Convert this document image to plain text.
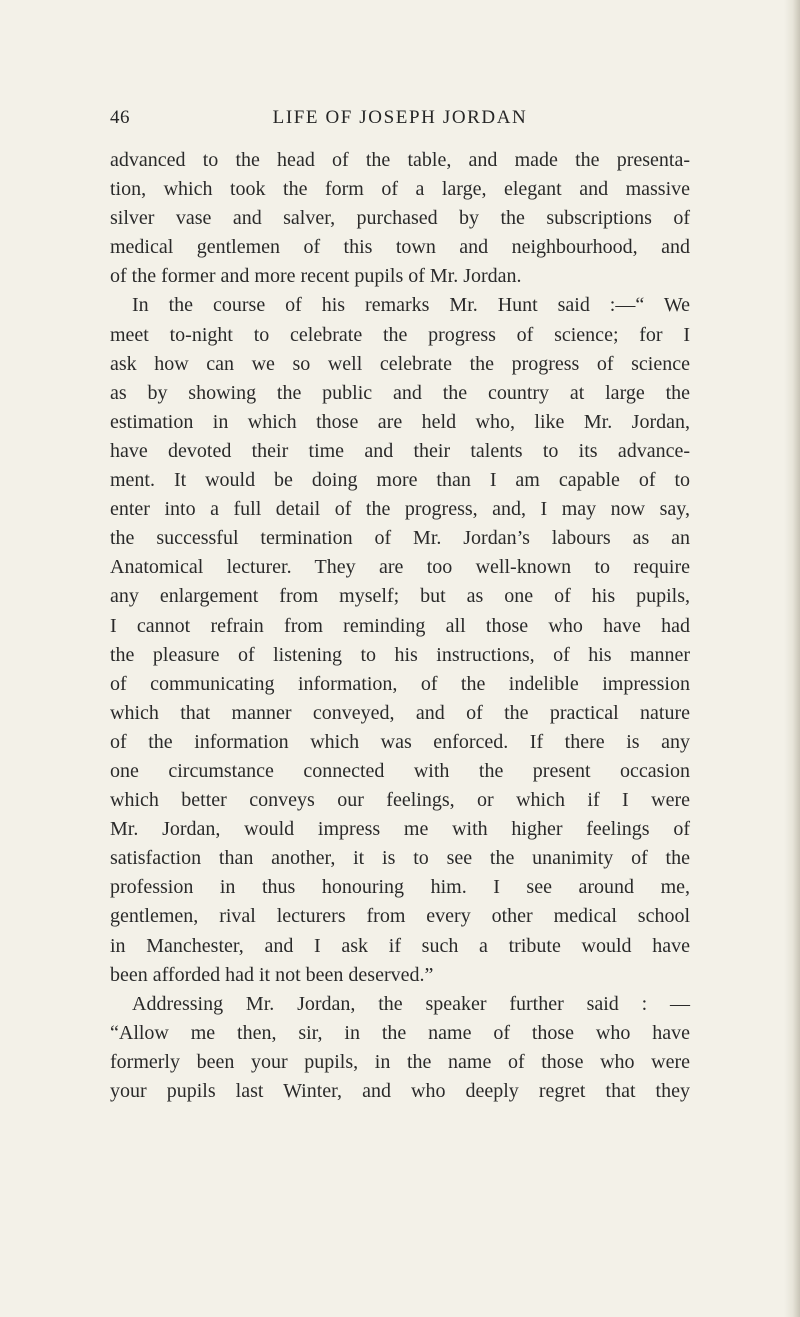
46	LIFE OF JOSEPH JORDAN
advanced to the head of the table, and made the presenta-
tion, which took the form of a large, elegant and massive
silver vase and salver, purchased by the subscriptions of
medical gentlemen of this town and neighbourhood, and
of the former and more recent pupils of Mr. Jordan.
In the course of his remarks Mr. Hunt said :—“ We
meet to-night to celebrate the progress of science; for I
ask how can we so well celebrate the progress of science
as by showing the public and the country at large the
estimation in which those are held who, like Mr. Jordan,
have devoted their time and their talents to its advance-
ment. It would be doing more than I am capable of to
enter into a full detail of the progress, and, I may now say,
the successful termination of Mr. Jordan’s labours as an
Anatomical lecturer. They are too well-known to require
any enlargement from myself; but as one of his pupils,
I cannot refrain from reminding all those who have had
the pleasure of listening to his instructions, of his manner
of communicating information, of the indelible impression
which that manner conveyed, and of the practical nature
of the information which was enforced. If there is any
one circumstance connected with the present occasion
which better conveys our feelings, or which if I were
Mr. Jordan, would impress me with higher feelings of
satisfaction than another, it is to see the unanimity of the
profession in thus honouring him. I see around me,
gentlemen, rival lecturers from every other medical school
in Manchester, and I ask if such a tribute would have
been afforded had it not been deserved.”
Addressing Mr. Jordan, the speaker further said : —
“Allow me then, sir, in the name of those who have
formerly been your pupils, in the name of those who were
your pupils last Winter, and who deeply regret that they
